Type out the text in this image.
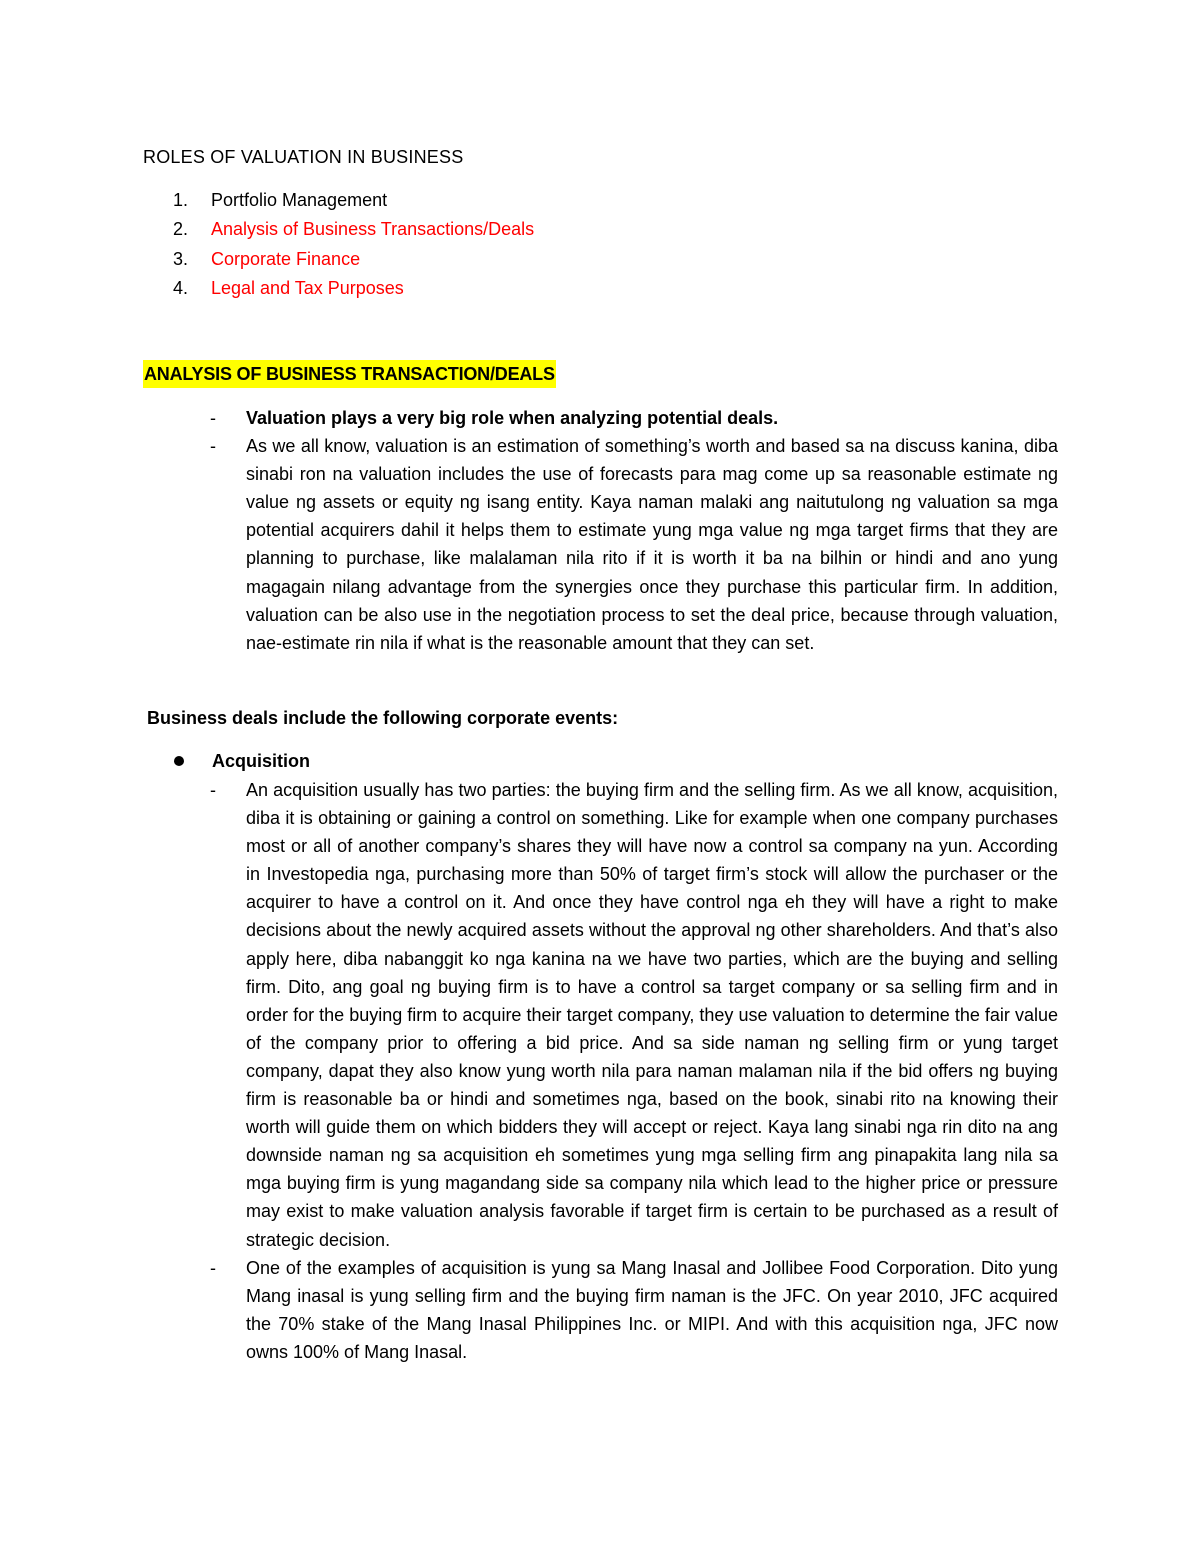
ROLES OF VALUATION IN BUSINESS
1.	Portfolio Management
2.	Analysis of Business Transactions/Deals
3.	Corporate Finance
4.	Legal and Tax Purposes
ANALYSIS OF BUSINESS TRANSACTION/DEALS
-	Valuation plays a very big role when analyzing potential deals.
-	As we all know, valuation is an estimation of something’s worth and based sa na discuss kanina, diba sinabi ron na valuation includes the use of forecasts para mag come up sa reasonable estimate ng value ng assets or equity ng isang entity. Kaya naman malaki ang naitutulong ng valuation sa mga potential acquirers dahil it helps them to estimate yung mga value ng mga target firms that they are planning to purchase, like malalaman nila rito if it is worth it ba na bilhin or hindi and ano yung magagain nilang advantage from the synergies once they purchase this particular firm. In addition, valuation can be also use in the negotiation process to set the deal price, because through valuation, nae-estimate rin nila if what is the reasonable amount that they can set.
Business deals include the following corporate events:
Acquisition
-	An acquisition usually has two parties: the buying firm and the selling firm. As we all know, acquisition, diba it is obtaining or gaining a control on something. Like for example when one company purchases most or all of another company’s shares they will have now a control sa company na yun. According in Investopedia nga, purchasing more than 50% of target firm’s stock will allow the purchaser or the acquirer to have a control on it. And once they have control nga eh they will have a right to make decisions about the newly acquired assets without the approval ng other shareholders. And that’s also apply here, diba nabanggit ko nga kanina na we have two parties, which are the buying and selling firm. Dito, ang goal ng buying firm is to have a control sa target company or sa selling firm and in order for the buying firm to acquire their target company, they use valuation to determine the fair value of the company prior to offering a bid price. And sa side naman ng selling firm or yung target company, dapat they also know yung worth nila para naman malaman nila if the bid offers ng buying firm is reasonable ba or hindi and sometimes nga, based on the book, sinabi rito na knowing their worth will guide them on which bidders they will accept or reject. Kaya lang sinabi nga rin dito na ang downside naman ng sa acquisition eh sometimes yung mga selling firm ang pinapakita lang nila sa mga buying firm is yung magandang side sa company nila which lead to the higher price or pressure may exist to make valuation analysis favorable if target firm is certain to be purchased as a result of strategic decision.
-	One of the examples of acquisition is yung sa Mang Inasal and Jollibee Food Corporation. Dito yung Mang inasal is yung selling firm and the buying firm naman is the JFC. On year 2010, JFC acquired the 70% stake of the Mang Inasal Philippines Inc. or MIPI. And with this acquisition nga, JFC now owns 100% of Mang Inasal.
